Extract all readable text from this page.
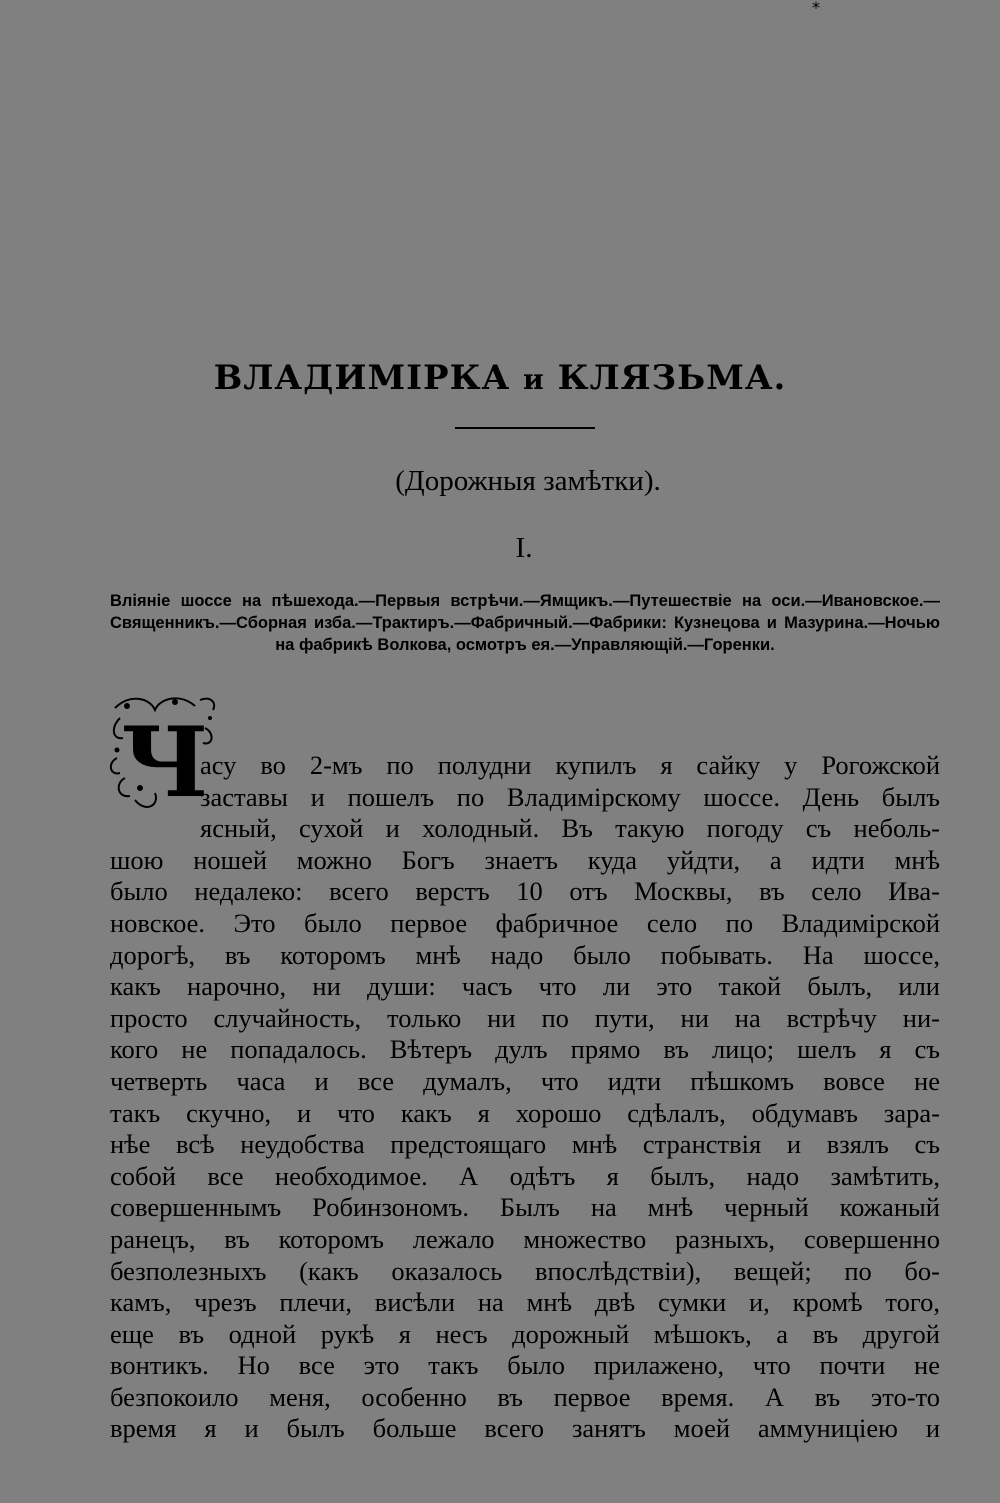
*
ВЛАДИМІРКА и КЛЯЗЬМА.
(Дорожныя замѣтки).
I.
Вліяніе шоссе на пѣшехода.—Первыя встрѣчи.—Ямщикъ.—Путешествіе на оси.—Ивановское.—Священникъ.—Сборная изба.—Трактиръ.—Фабричный.—Фабрики: Кузнецова и Мазурина.—Ночью на фабрикѣ Волкова, осмотръ ея.—Управляющій.—Горенки.
Ч
асу во 2-мъ по полудни купилъ я сайку у Рогожской
заставы и пошелъ по Владимірскому шоссе. День былъ
ясный, сухой и холодный. Въ такую погоду съ неболь-
шою ношей можно Богъ знаетъ куда уйдти, а идти мнѣ
было недалеко: всего верстъ 10 отъ Москвы, въ село Ива-
новское. Это было первое фабричное село по Владимірской
дорогѣ, въ которомъ мнѣ надо было побывать. На шоссе,
какъ нарочно, ни души: часъ что ли это такой былъ, или
просто случайность, только ни по пути, ни на встрѣчу ни-
кого не попадалось. Вѣтеръ дулъ прямо въ лицо; шелъ я съ
четверть часа и все думалъ, что идти пѣшкомъ вовсе не
такъ скучно, и что какъ я хорошо сдѣлалъ, обдумавъ зара-
нѣе всѣ неудобства предстоящаго мнѣ странствія и взялъ съ
собой все необходимое. А одѣтъ я былъ, надо замѣтить,
совершеннымъ Робинзономъ. Былъ на мнѣ черный кожаный
ранецъ, въ которомъ лежало множество разныхъ, совершенно
безполезныхъ (какъ оказалось впослѣдствіи), вещей; по бо-
камъ, чрезъ плечи, висѣли на мнѣ двѣ сумки и, кромѣ того,
еще въ одной рукѣ я несъ дорожный мѣшокъ, а въ другой
вонтикъ. Но все это такъ было прилажено, что почти не
безпокоило меня, особенно въ первое время. А въ это-то
время я и былъ больше всего занятъ моей аммуниціею и
